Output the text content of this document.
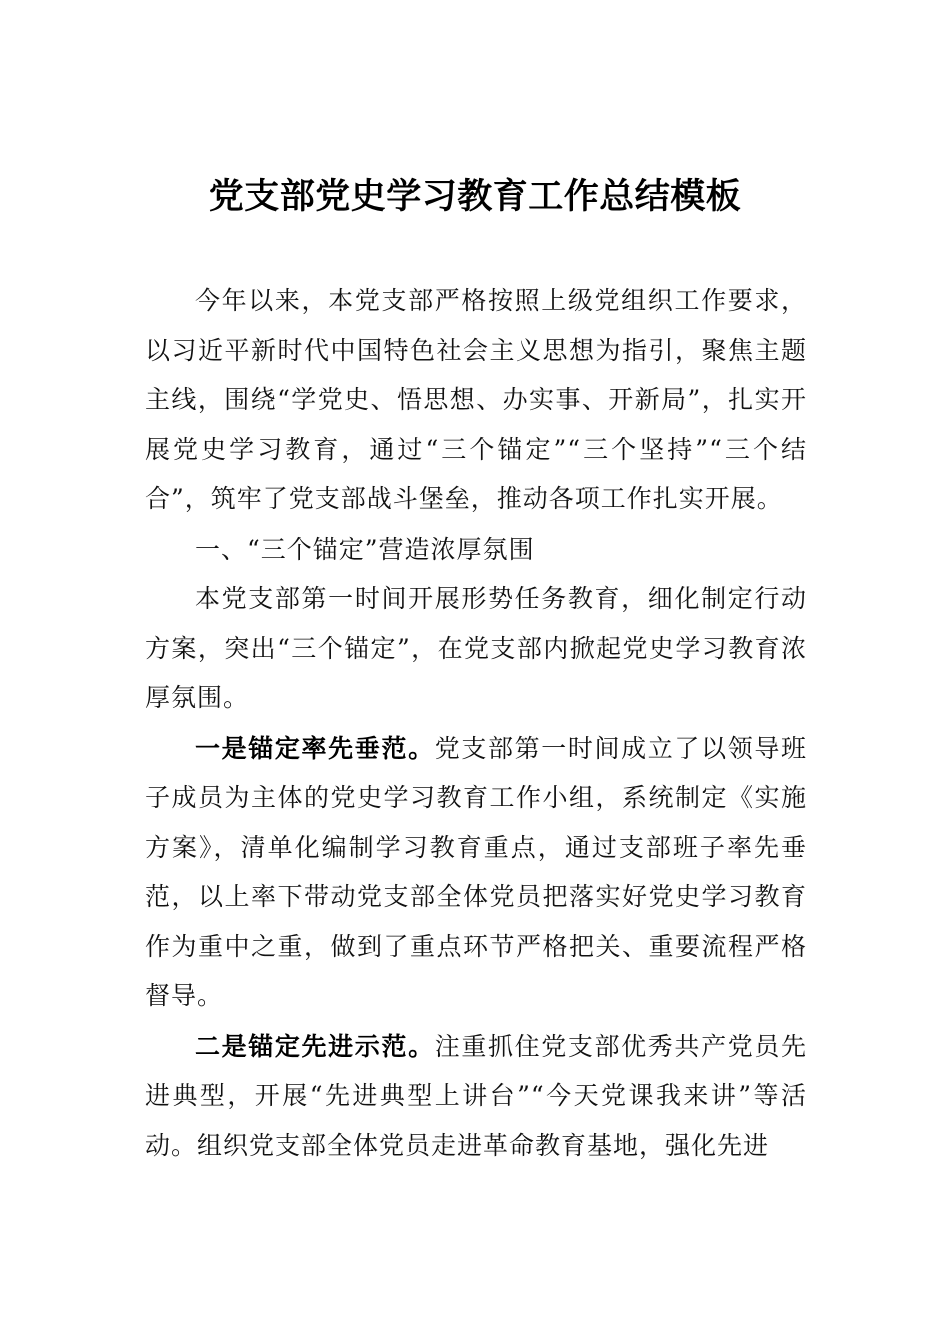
党支部党史学习教育工作总结模板

今年以来，本党支部严格按照上级党组织工作要求，以习近平新时代中国特色社会主义思想为指引，聚焦主题主线，围绕“学党史、悟思想、办实事、开新局”，扎实开展党史学习教育，通过“三个锚定”“三个坚持”“三个结合”，筑牢了党支部战斗堡垒，推动各项工作扎实开展。

一、“三个锚定”营造浓厚氛围

本党支部第一时间开展形势任务教育，细化制定行动方案，突出“三个锚定”，在党支部内掀起党史学习教育浓厚氛围。

一是锚定率先垂范。党支部第一时间成立了以领导班子成员为主体的党史学习教育工作小组，系统制定《实施方案》，清单化编制学习教育重点，通过支部班子率先垂范，以上率下带动党支部全体党员把落实好党史学习教育作为重中之重，做到了重点环节严格把关、重要流程严格督导。

二是锚定先进示范。注重抓住党支部优秀共产党员先进典型，开展“先进典型上讲台”“今天党课我来讲”等活动。组织党支部全体党员走进革命教育基地，强化先进
